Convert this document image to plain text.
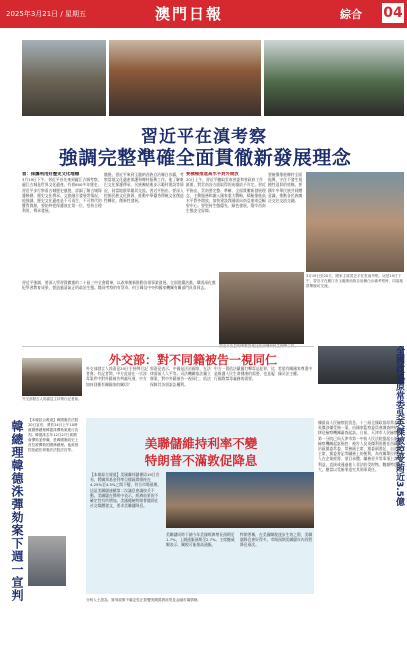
2025年3月21日 / 星期五	澳門日報	綜合 04
習近平在滇考察
強調完整準確全面貫徹新發展理念
習：保護利用好歷史文化地標
3月19日下午，習近平首先來到麗江古城考察。麗江古城是世界文化遺產，有着800多年歷史。習近平步行察看古城歷史風貌，詳細了解古城保護修繕、歷史文化傳承、文旅融合發展等情況。他強調，歷史文化遺產是不可再生、不可替代的寶貴資源，要始終把保護放在第一位，堅持合理利用、傳承發展。
隨後，習近平來到玉龍納西族自治縣白沙鎮，考察當地文化遺產保護和鄉村振興工作。他了解東巴文化保護傳承、民族團結進步示範村建設等情況，同當地群眾親切交流。習近平指出，要深入挖掘民族文化資源，推動中華優秀傳統文化創造性轉化、創新性發展。
要積極推進高水平對外開放
20日上午，習近平聽取雲南省委和省政府工作匯報，對雲南各方面取得的成績給予肯定。習近平指出，雲南要完整、準確、全面貫徹新發展理念，主動服務和融入國家重大戰略，積極推進高水平對外開放，加快建設我國面向南亞東南亞輻射中心。要堅持生態優先、綠色發展，築牢西南生態安全屏障。
要統籌推進鄉村全面振興，守住不發生規模性返貧的底線。要鑄牢中華民族共同體意識，推動各民族廣泛交往交流交融。
3月19日至20日，國家主席習近平在雲南考察。這是19日下午，習近平在麗江市玉龍納西族自治縣白沙鎮考察時，同當地群眾親切交流。
習近平強調，要深入學習貫徹黨的二十屆三中全會精神，以改革創新推動各項事業發展。全面從嚴治黨，鞏固深化黨紀學習教育成果，營造風清氣正的政治生態。隨同考察的有蔡奇、何立峰及中央和國家機關有關部門負責同志。
外交部：對不同籍被告一視同仁
外交部發言人郭嘉昆主持例行記者會。
外交部發言人郭嘉昆20日主持例行記者會。有記者問，中方此前在一宗涉毒案件中對外籍被告判處死刑，中方如何回應有關國家的關切？
郭嘉昆表示，中國是法治國家，在法律面前人人平等。司法機關依法獨立辦案，對中外籍被告一視同仁，依法保障其各項訴訟權利。
中方一貫依法嚴厲打擊毒品犯罪，這是維護人民生命健康的需要，也是履行國際禁毒義務的需要。
希望有關國家尊重中國司法主權。	全國政協原常委吳英傑被控受賄近3.5億
據最高人民檢察院消息，十三屆全國政協原常委吳英傑涉嫌受賄一案，由國家監察委員會調查終結，移送檢察機關審查起訴。日前，天津市人民檢察院第一分院已向天津市第一中級人民法院提起公訴。檢察機關起訴指控：被告人吳英傑利用擔任西藏自治區黨委常委、常務副主席，黨委副書記、自治區主席，黨委書記等職務上的便利，為有關單位和個人在企業經營、項目承攬、職務晉升等事項上謀取利益，直接或通過他人非法收受財物，數額特別巨大，應當以受賄罪追究其刑事責任。
韓總理韓德洙彈劾案下週一宣判	【本報綜合報道】韓國憲法法院20日宣布，將於24日上午10時就國務總理韓德洙彈劾案進行宣判。韓德洙去年12月27日被國會彈劾並停職，是韓國憲政史上首位被彈劾的國務總理。他被指控拒絕任命憲法法院法官等。	美聯儲維持利率不變
特朗普不滿敦促降息
【本報綜合報道】美國聯邦儲備局19日宣布，將聯邦基金利率目標區間維持在4.25%至4.5%之間不變，符合市場預期。這是美聯儲連續第二次議息會議按兵不動。美聯儲在聲明中表示，經濟前景的不確定性有所增加。美國總統特朗普隨即在社交媒體發文，要求美聯儲降息。
美聯儲同時下調今年美國經濟增長預期至1.7%，上調通脹預期至2.7%。主席鮑威爾表示，關稅可能推高通脹。
特朗普稱，在美國關稅逐步生效之際，美聯儲降息會好得多。市場預期美聯儲年內仍將降息兩次。
分析人士認為，貿易政策不確定性正影響美國經濟前景及金融市場情緒。
